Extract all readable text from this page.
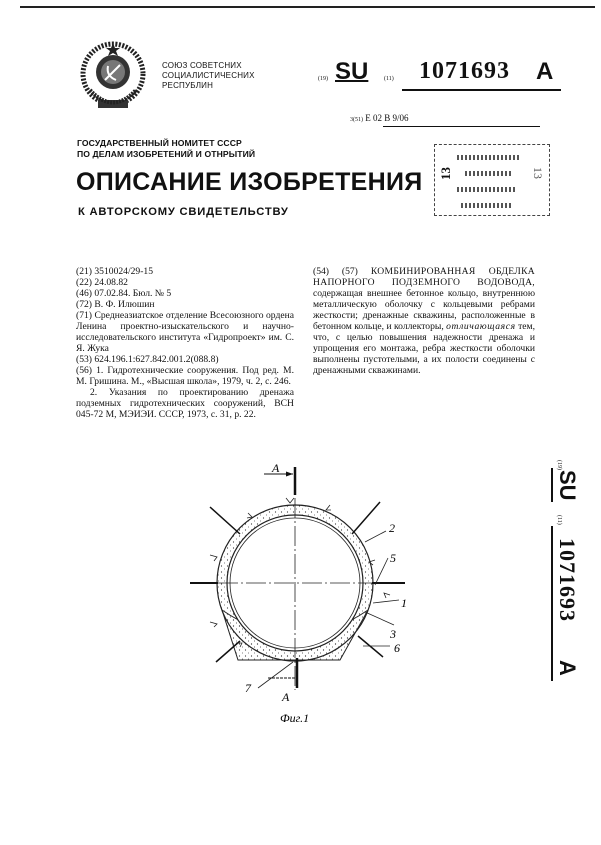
СОЮЗ СОВЕТСНИХ
СОЦИАЛИСТИЧЕСНИХ
РЕСПУБЛИН
ГОСУДАРСТВЕННЫЙ НОМИТЕТ СССР
ПО ДЕЛАМ ИЗОБРЕТЕНИЙ И ОТНРЫТИЙ
ОПИСАНИЕ ИЗОБРЕТЕНИЯ
К АВТОРСКОМУ СВИДЕТЕЛЬСТВУ
(19) SU	(11) 1071693 A
3(51) E 02 B 9/06
13	13

(21) 3510024/29-15

(22) 24.08.82

(46) 07.02.84. Бюл. № 5

(72) В. Ф. Илюшин

(71) Среднеазиатское отделение Всесоюзного ордена Ленина проектно-изыскательского и научно-исследовательского института «Гидропроект» им. С. Я. Жука

(53) 624.196.1:627.842.001.2(088.8)

(56) 1. Гидротехнические сооружения. Под ред. М. М. Гришина. М., «Высшая школа», 1979, ч. 2, с. 246.

2. Указания по проектированию дренажа подземных гидротехнических сооружений, ВСН 045-72 М, МЭИЭИ. СССР, 1973, с. 31, р. 22.

(54) (57) КОМБИНИРОВАННАЯ ОБДЕЛКА НАПОРНОГО ПОДЗЕМНОГО ВОДОВОДА, содержащая внешнее бетонное кольцо, внутреннюю металлическую оболочку с кольцевыми ребрами жесткости; дренажные скважины, расположенные в бетонном кольце, и коллекторы, отличающаяся тем, что, с целью повышения надежности дренажа и упрощения его монтажа, ребра жесткости оболочки выполнены пустотелыми, а их полости соединены с дренажными скважинами.
(19)
SU
(11)
1071693
A
А
А
2
5
1
3
6
7
Фиг.1
